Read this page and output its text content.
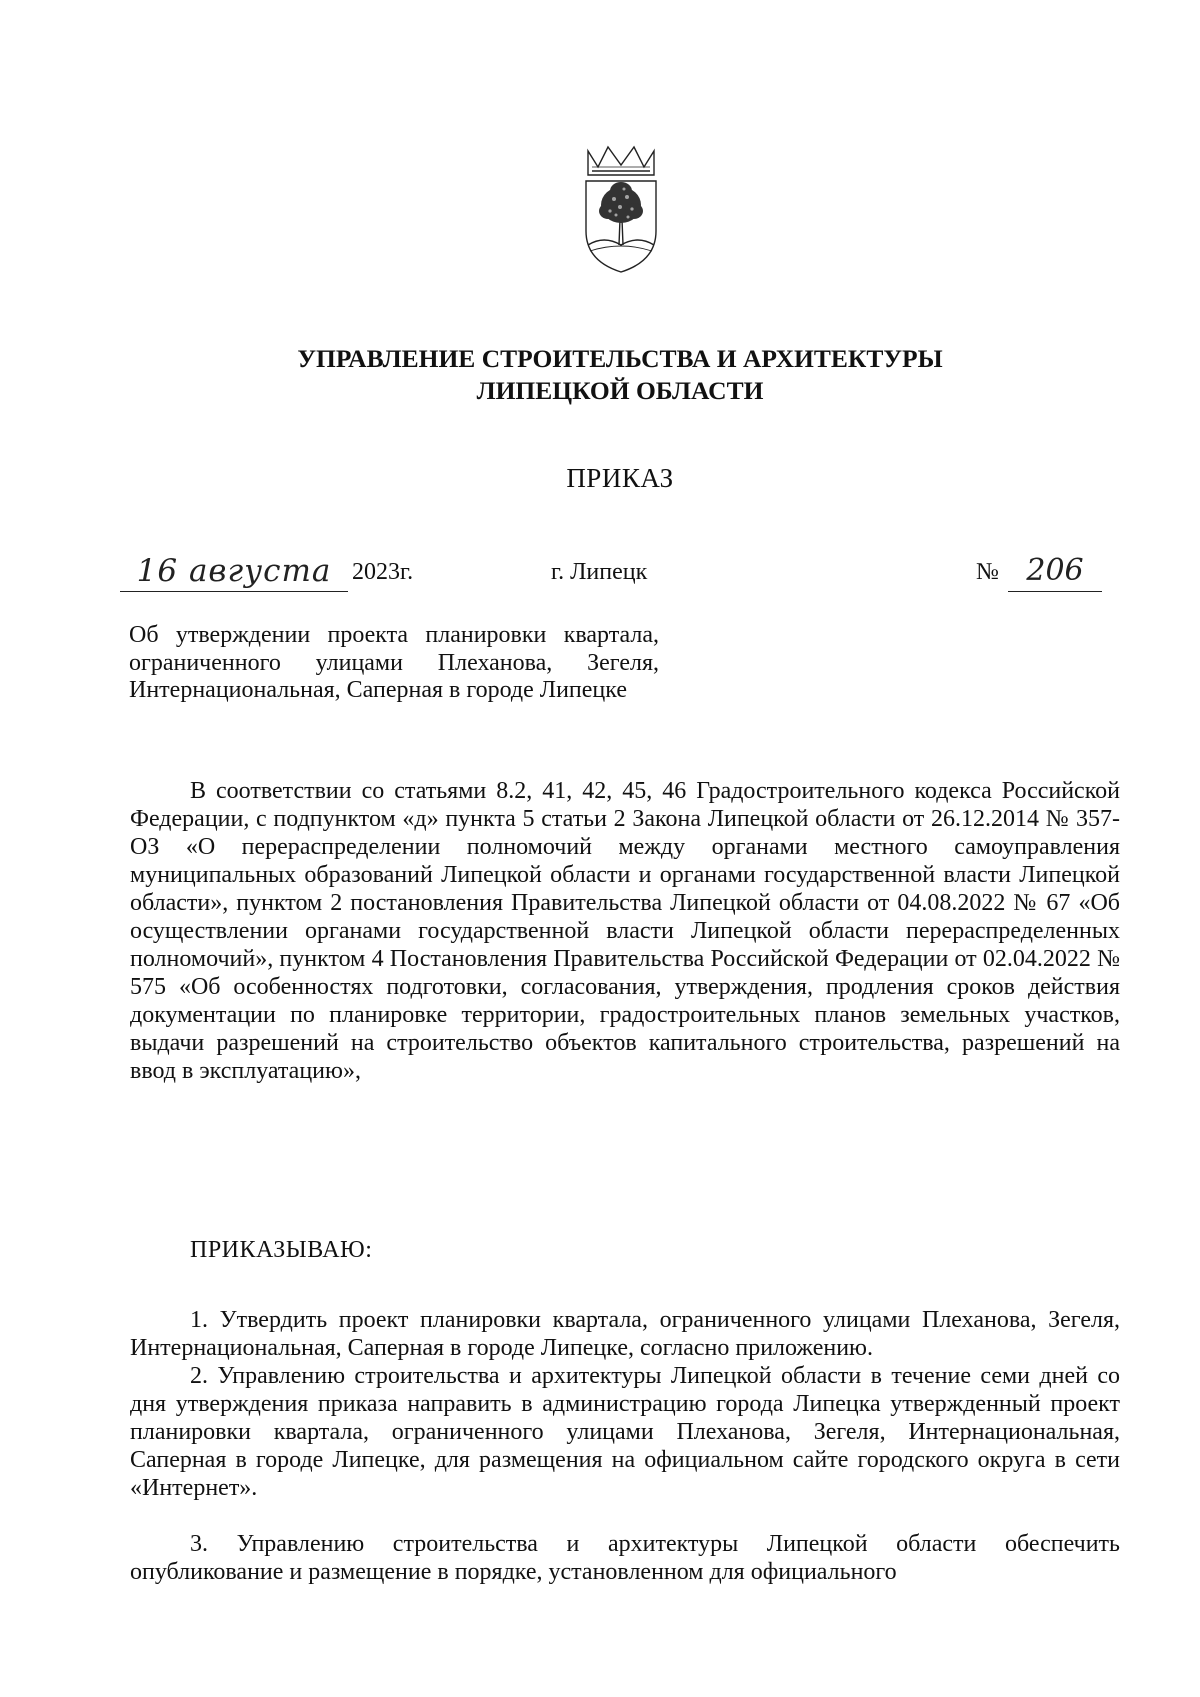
УПРАВЛЕНИЕ СТРОИТЕЛЬСТВА И АРХИТЕКТУРЫ
ЛИПЕЦКОЙ ОБЛАСТИ
ПРИКАЗ
16 августа 2023г.	г. Липецк	№ 206
Об утверждении проекта планировки квартала, ограниченного улицами Плеханова, Зегеля, Интернациональная, Саперная в городе Липецке
В соответствии со статьями 8.2, 41, 42, 45, 46 Градостроительного кодекса Российской Федерации, с подпунктом «д» пункта 5 статьи 2 Закона Липецкой области от 26.12.2014 № 357-ОЗ «О перераспределении полномочий между органами местного самоуправления муниципальных образований Липецкой области и органами государственной власти Липецкой области», пунктом 2 постановления Правительства Липецкой области от 04.08.2022 № 67 «Об осуществлении органами государственной власти Липецкой области перераспределенных полномочий», пунктом 4 Постановления Правительства Российской Федерации от 02.04.2022 № 575 «Об особенностях подготовки, согласования, утверждения, продления сроков действия документации по планировке территории, градостроительных планов земельных участков, выдачи разрешений на строительство объектов капитального строительства, разрешений на ввод в эксплуатацию»,
ПРИКАЗЫВАЮ:
1. Утвердить проект планировки квартала, ограниченного улицами Плеханова, Зегеля, Интернациональная, Саперная в городе Липецке, согласно приложению.
2. Управлению строительства и архитектуры Липецкой области в течение семи дней со дня утверждения приказа направить в администрацию города Липецка утвержденный проект планировки квартала, ограниченного улицами Плеханова, Зегеля, Интернациональная, Саперная в городе Липецке, для размещения на официальном сайте городского округа в сети «Интернет».
3. Управлению строительства и архитектуры Липецкой области обеспечить опубликование и размещение в порядке, установленном для официального
